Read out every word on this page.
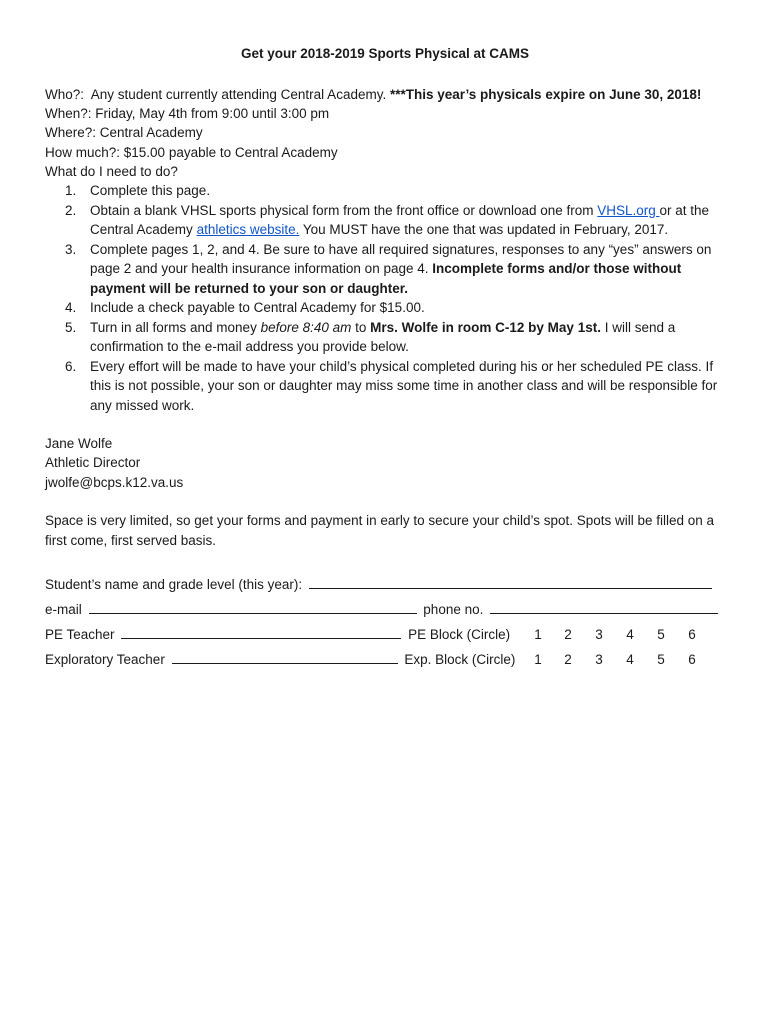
Get your 2018-2019 Sports Physical at CAMS
Who?: Any student currently attending Central Academy. ***This year’s physicals expire on June 30, 2018!
When?: Friday, May 4th from 9:00 until 3:00 pm
Where?: Central Academy
How much?: $15.00 payable to Central Academy
What do I need to do?
1. Complete this page.
2. Obtain a blank VHSL sports physical form from the front office or download one from VHSL.org or at the Central Academy athletics website. You MUST have the one that was updated in February, 2017.
3. Complete pages 1, 2, and 4. Be sure to have all required signatures, responses to any “yes” answers on page 2 and your health insurance information on page 4. Incomplete forms and/or those without payment will be returned to your son or daughter.
4. Include a check payable to Central Academy for $15.00.
5. Turn in all forms and money before 8:40 am to Mrs. Wolfe in room C-12 by May 1st. I will send a confirmation to the e-mail address you provide below.
6. Every effort will be made to have your child’s physical completed during his or her scheduled PE class. If this is not possible, your son or daughter may miss some time in another class and will be responsible for any missed work.
Jane Wolfe
Athletic Director
jwolfe@bcps.k12.va.us
Space is very limited, so get your forms and payment in early to secure your child’s spot. Spots will be filled on a first come, first served basis.
Student’s name and grade level (this year):
e-mail	phone no.
PE Teacher	PE Block (Circle) 1 2 3 4 5 6
Exploratory Teacher	Exp. Block (Circle) 1 2 3 4 5 6
